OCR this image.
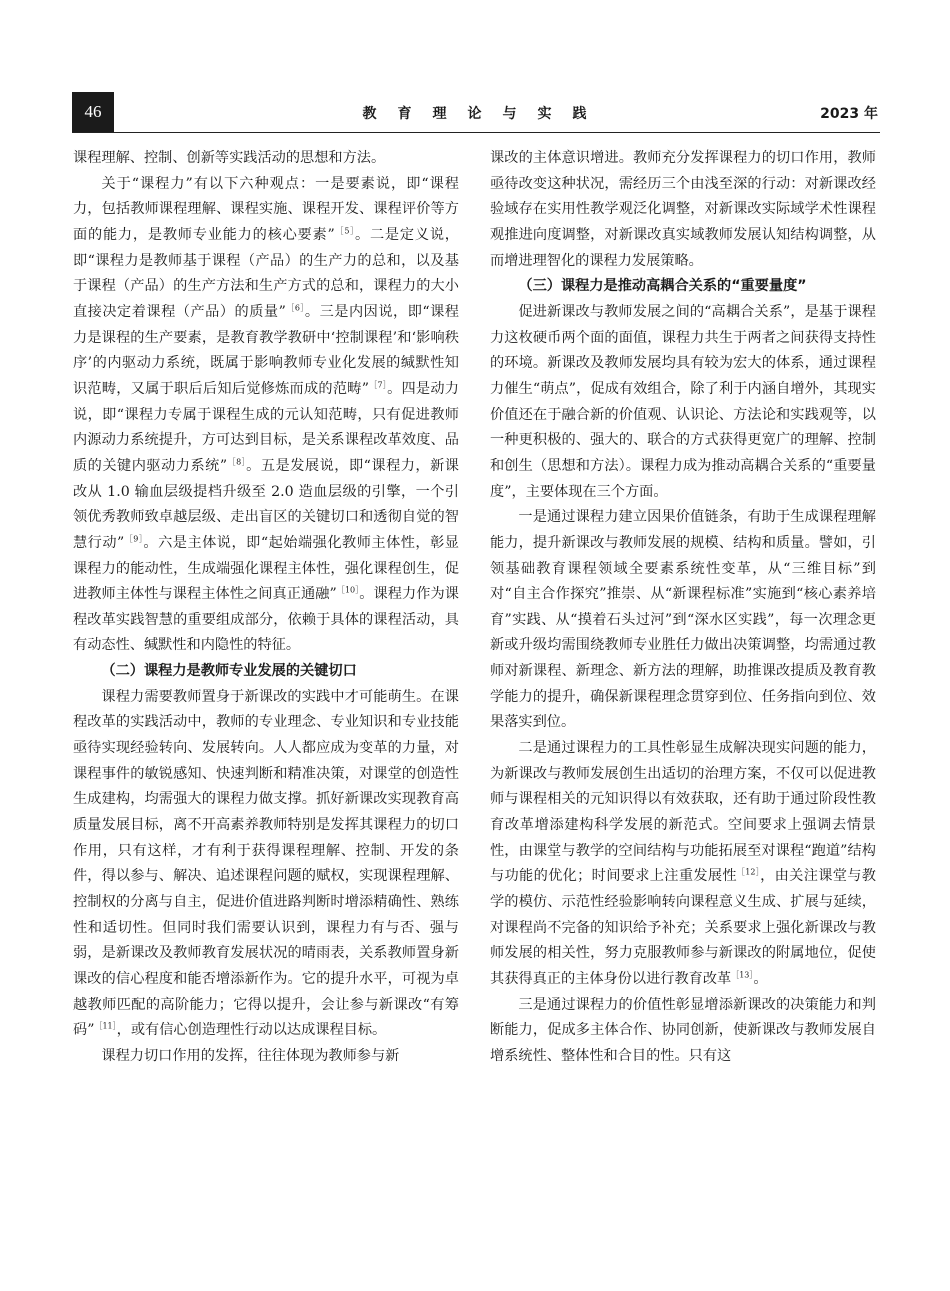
46	教育理论与实践	2023 年

课程理解、控制、创新等实践活动的思想和方法。

关于“课程力”有以下六种观点：一是要素说，即“课程力，包括教师课程理解、课程实施、课程开发、课程评价等方面的能力，是教师专业能力的核心要素”$^{[5]}$。二是定义说，即“课程力是教师基于课程（产品）的生产力的总和，以及基于课程（产品）的生产方法和生产方式的总和，课程力的大小直接决定着课程（产品）的质量”$^{[6]}$。三是内因说，即“课程力是课程的生产要素，是教育教学教研中‘控制课程’和‘影响秩序’的内驱动力系统，既属于影响教师专业化发展的缄默性知识范畴，又属于职后后知后觉修炼而成的范畴”$^{[7]}$。四是动力说，即“课程力专属于课程生成的元认知范畴，只有促进教师内源动力系统提升，方可达到目标，是关系课程改革效度、品质的关键内驱动力系统”$^{[8]}$。五是发展说，即“课程力，新课改从 1.0 输血层级提档升级至 2.0 造血层级的引擎，一个引领优秀教师致卓越层级、走出盲区的关键切口和透彻自觉的智慧行动”$^{[9]}$。六是主体说，即“起始端强化教师主体性，彰显课程力的能动性，生成端强化课程主体性，强化课程创生，促进教师主体性与课程主体性之间真正通融”$^{[10]}$。课程力作为课程改革实践智慧的重要组成部分，依赖于具体的课程活动，具有动态性、缄默性和内隐性的特征。

（二）课程力是教师专业发展的关键切口

课程力需要教师置身于新课改的实践中才可能萌生。在课程改革的实践活动中，教师的专业理念、专业知识和专业技能亟待实现经验转向、发展转向。人人都应成为变革的力量，对课程事件的敏锐感知、快速判断和精准决策，对课堂的创造性生成建构，均需强大的课程力做支撑。抓好新课改实现教育高质量发展目标，离不开高素养教师特别是发挥其课程力的切口作用，只有这样，才有利于获得课程理解、控制、开发的条件，得以参与、解决、追述课程问题的赋权，实现课程理解、控制权的分离与自主，促进价值进路判断时增添精确性、熟练性和适切性。但同时我们需要认识到，课程力有与否、强与弱，是新课改及教师教育发展状况的晴雨表，关系教师置身新课改的信心程度和能否增添新作为。它的提升水平，可视为卓越教师匹配的高阶能力；它得以提升，会让参与新课改“有筹码”$^{[11]}$，或有信心创造理性行动以达成课程目标。

课程力切口作用的发挥，往往体现为教师参与新

课改的主体意识增进。教师充分发挥课程力的切口作用，教师亟待改变这种状况，需经历三个由浅至深的行动：对新课改经验域存在实用性教学观泛化调整，对新课改实际域学术性课程观推进向度调整，对新课改真实域教师发展认知结构调整，从而增进理智化的课程力发展策略。

（三）课程力是推动高耦合关系的“重要量度”

促进新课改与教师发展之间的“高耦合关系”，是基于课程力这枚硬币两个面的面值，课程力共生于两者之间获得支持性的环境。新课改及教师发展均具有较为宏大的体系，通过课程力催生“萌点”，促成有效组合，除了利于内涵自增外，其现实价值还在于融合新的价值观、认识论、方法论和实践观等，以一种更积极的、强大的、联合的方式获得更宽广的理解、控制和创生（思想和方法）。课程力成为推动高耦合关系的“重要量度”，主要体现在三个方面。

一是通过课程力建立因果价值链条，有助于生成课程理解能力，提升新课改与教师发展的规模、结构和质量。譬如，引领基础教育课程领域全要素系统性变革，从“三维目标”到对“自主合作探究”推崇、从“新课程标准”实施到“核心素养培育”实践、从“摸着石头过河”到“深水区实践”，每一次理念更新或升级均需围绕教师专业胜任力做出决策调整，均需通过教师对新课程、新理念、新方法的理解，助推课改提质及教育教学能力的提升，确保新课程理念贯穿到位、任务指向到位、效果落实到位。

二是通过课程力的工具性彰显生成解决现实问题的能力，为新课改与教师发展创生出适切的治理方案，不仅可以促进教师与课程相关的元知识得以有效获取，还有助于通过阶段性教育改革增添建构科学发展的新范式。空间要求上强调去情景性，由课堂与教学的空间结构与功能拓展至对课程“跑道”结构与功能的优化；时间要求上注重发展性$^{[12]}$，由关注课堂与教学的模仿、示范性经验影响转向课程意义生成、扩展与延续，对课程尚不完备的知识给予补充；关系要求上强化新课改与教师发展的相关性，努力克服教师参与新课改的附属地位，促使其获得真正的主体身份以进行教育改革$^{[13]}$。

三是通过课程力的价值性彰显增添新课改的决策能力和判断能力，促成多主体合作、协同创新，使新课改与教师发展自增系统性、整体性和合目的性。只有这
